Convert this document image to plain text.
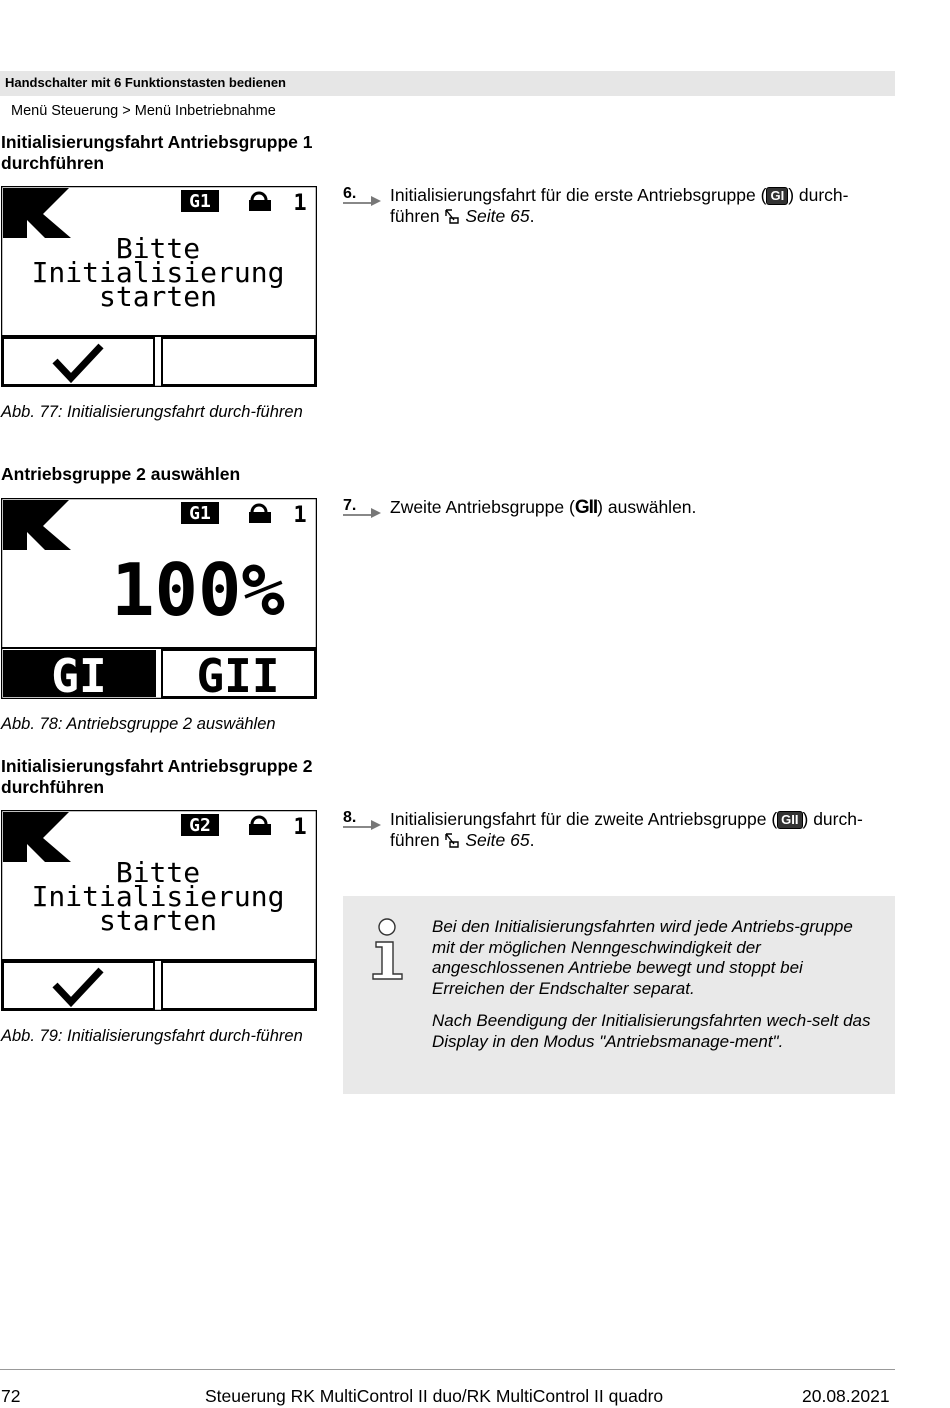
Handschalter mit 6 Funktionstasten bedienen
Menü Steuerung > Menü Inbetriebnahme
Initialisierungsfahrt Antriebsgruppe 1 durchführen
G1	1
Bitte
Initialisierung
starten
Abb. 77: Initialisierungsfahrt durch-führen
6. Initialisierungsfahrt für die erste Antriebsgruppe ( GI ) durch-führen  Seite 65.
Antriebsgruppe 2 auswählen
G1	1
100%
GI GII
Abb. 78: Antriebsgruppe 2 auswählen
7. Zweite Antriebsgruppe (GII) auswählen.
Initialisierungsfahrt Antriebsgruppe 2 durchführen
G2	1
Bitte
Initialisierung
starten
Abb. 79: Initialisierungsfahrt durch-führen
8. Initialisierungsfahrt für die zweite Antriebsgruppe ( GII ) durch-führen  Seite 65.
Bei den Initialisierungsfahrten wird jede Antriebs-gruppe mit der möglichen Nenngeschwindigkeit der angeschlossenen Antriebe bewegt und stoppt bei Erreichen der Endschalter separat.
Nach Beendigung der Initialisierungsfahrten wech-selt das Display in den Modus "Antriebsmanage-ment".
72	Steuerung RK MultiControl II duo/RK MultiControl II quadro	20.08.2021
